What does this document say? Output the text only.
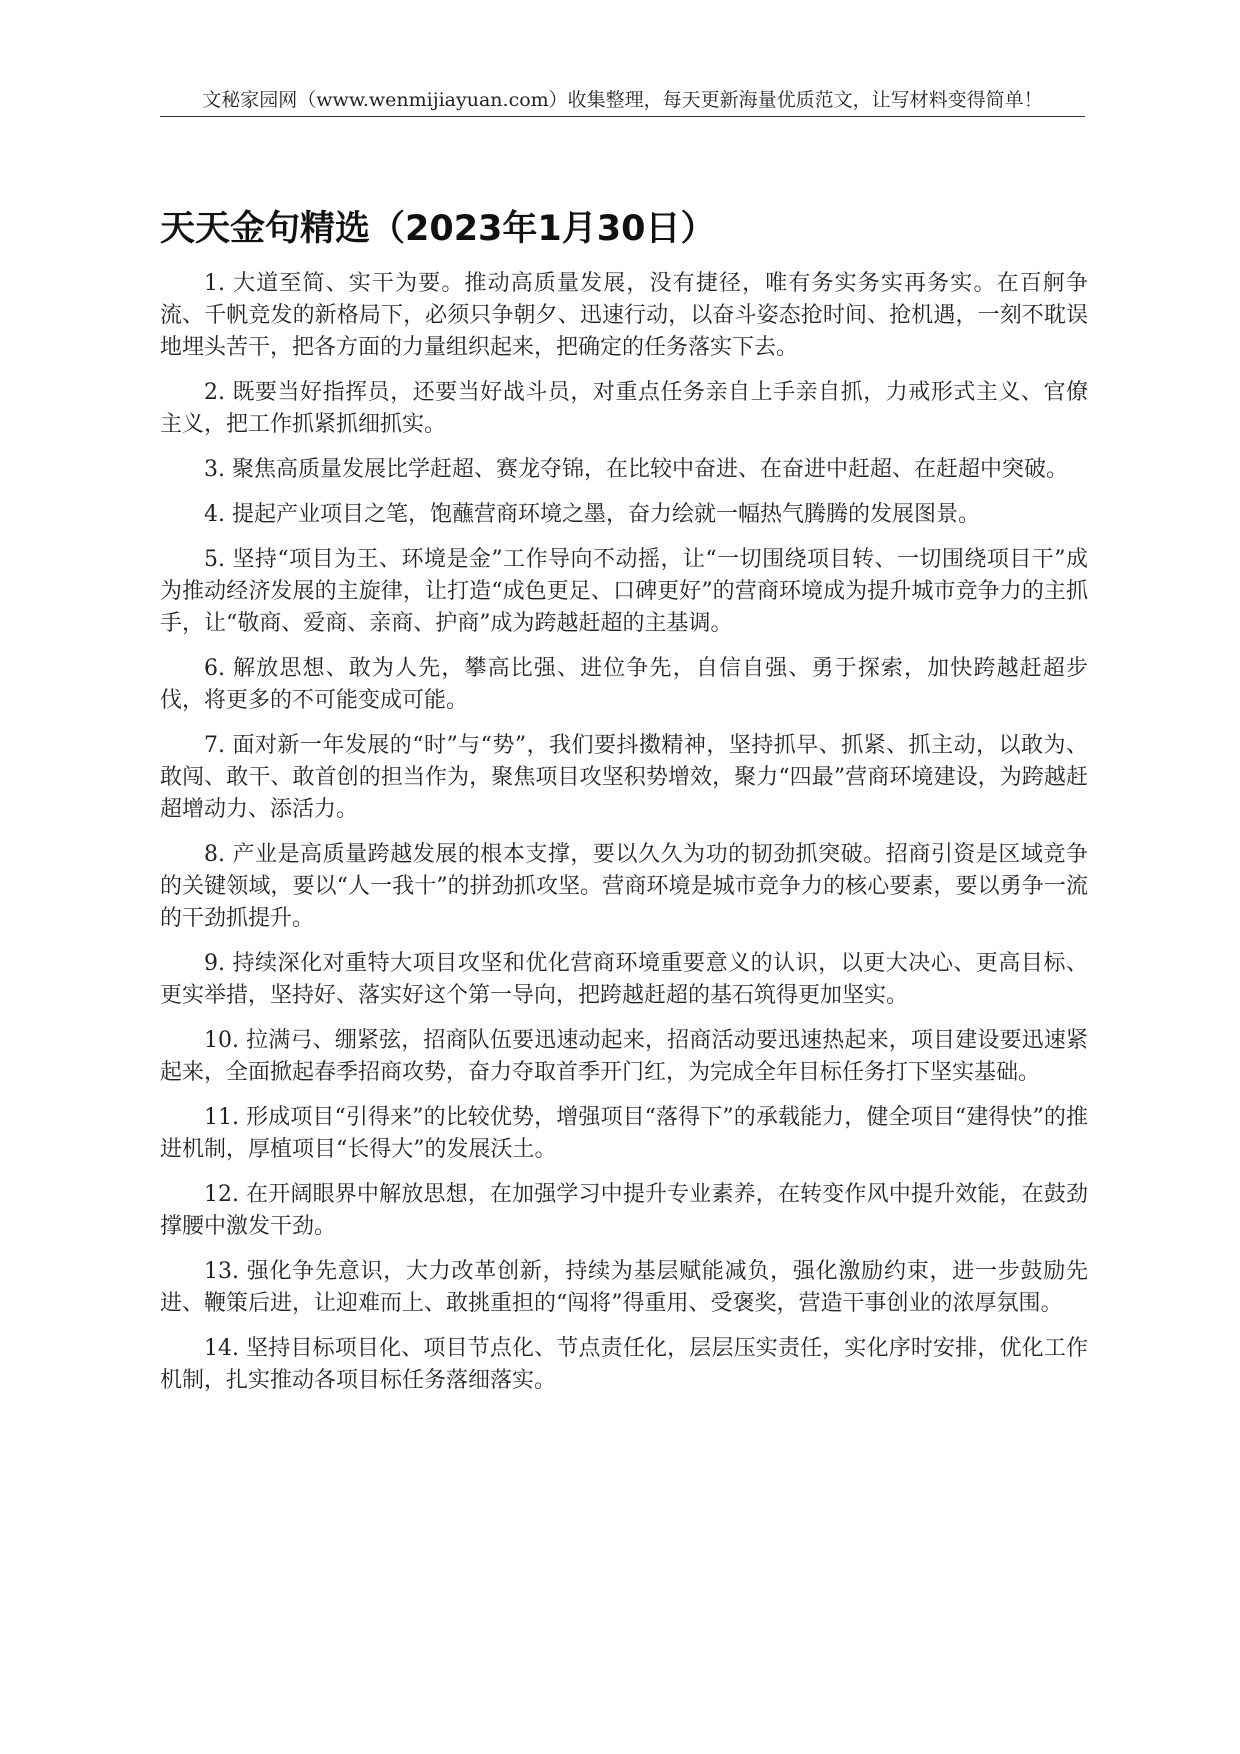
文秘家园网（www.wenmijiayuan.com）收集整理，每天更新海量优质范文，让写材料变得简单！
天天金句精选（2023年1月30日）

1. 大道至简、实干为要。推动高质量发展，没有捷径，唯有务实务实再务实。在百舸争流、千帆竞发的新格局下，必须只争朝夕、迅速行动，以奋斗姿态抢时间、抢机遇，一刻不耽误地埋头苦干，把各方面的力量组织起来，把确定的任务落实下去。

2. 既要当好指挥员，还要当好战斗员，对重点任务亲自上手亲自抓，力戒形式主义、官僚主义，把工作抓紧抓细抓实。

3. 聚焦高质量发展比学赶超、赛龙夺锦，在比较中奋进、在奋进中赶超、在赶超中突破。

4. 提起产业项目之笔，饱蘸营商环境之墨，奋力绘就一幅热气腾腾的发展图景。

5. 坚持“项目为王、环境是金”工作导向不动摇，让“一切围绕项目转、一切围绕项目干”成为推动经济发展的主旋律，让打造“成色更足、口碑更好”的营商环境成为提升城市竞争力的主抓手，让“敬商、爱商、亲商、护商”成为跨越赶超的主基调。

6. 解放思想、敢为人先，攀高比强、进位争先，自信自强、勇于探索，加快跨越赶超步伐，将更多的不可能变成可能。

7. 面对新一年发展的“时”与“势”，我们要抖擞精神，坚持抓早、抓紧、抓主动，以敢为、敢闯、敢干、敢首创的担当作为，聚焦项目攻坚积势增效，聚力“四最”营商环境建设，为跨越赶超增动力、添活力。

8. 产业是高质量跨越发展的根本支撑，要以久久为功的韧劲抓突破。招商引资是区域竞争的关键领域，要以“人一我十”的拼劲抓攻坚。营商环境是城市竞争力的核心要素，要以勇争一流的干劲抓提升。

9. 持续深化对重特大项目攻坚和优化营商环境重要意义的认识，以更大决心、更高目标、更实举措，坚持好、落实好这个第一导向，把跨越赶超的基石筑得更加坚实。

10. 拉满弓、绷紧弦，招商队伍要迅速动起来，招商活动要迅速热起来，项目建设要迅速紧起来，全面掀起春季招商攻势，奋力夺取首季开门红，为完成全年目标任务打下坚实基础。

11. 形成项目“引得来”的比较优势，增强项目“落得下”的承载能力，健全项目“建得快”的推进机制，厚植项目“长得大”的发展沃土。

12. 在开阔眼界中解放思想，在加强学习中提升专业素养，在转变作风中提升效能，在鼓劲撑腰中激发干劲。

13. 强化争先意识，大力改革创新，持续为基层赋能减负，强化激励约束，进一步鼓励先进、鞭策后进，让迎难而上、敢挑重担的“闯将”得重用、受褒奖，营造干事创业的浓厚氛围。

14. 坚持目标项目化、项目节点化、节点责任化，层层压实责任，实化序时安排，优化工作机制，扎实推动各项目标任务落细落实。
